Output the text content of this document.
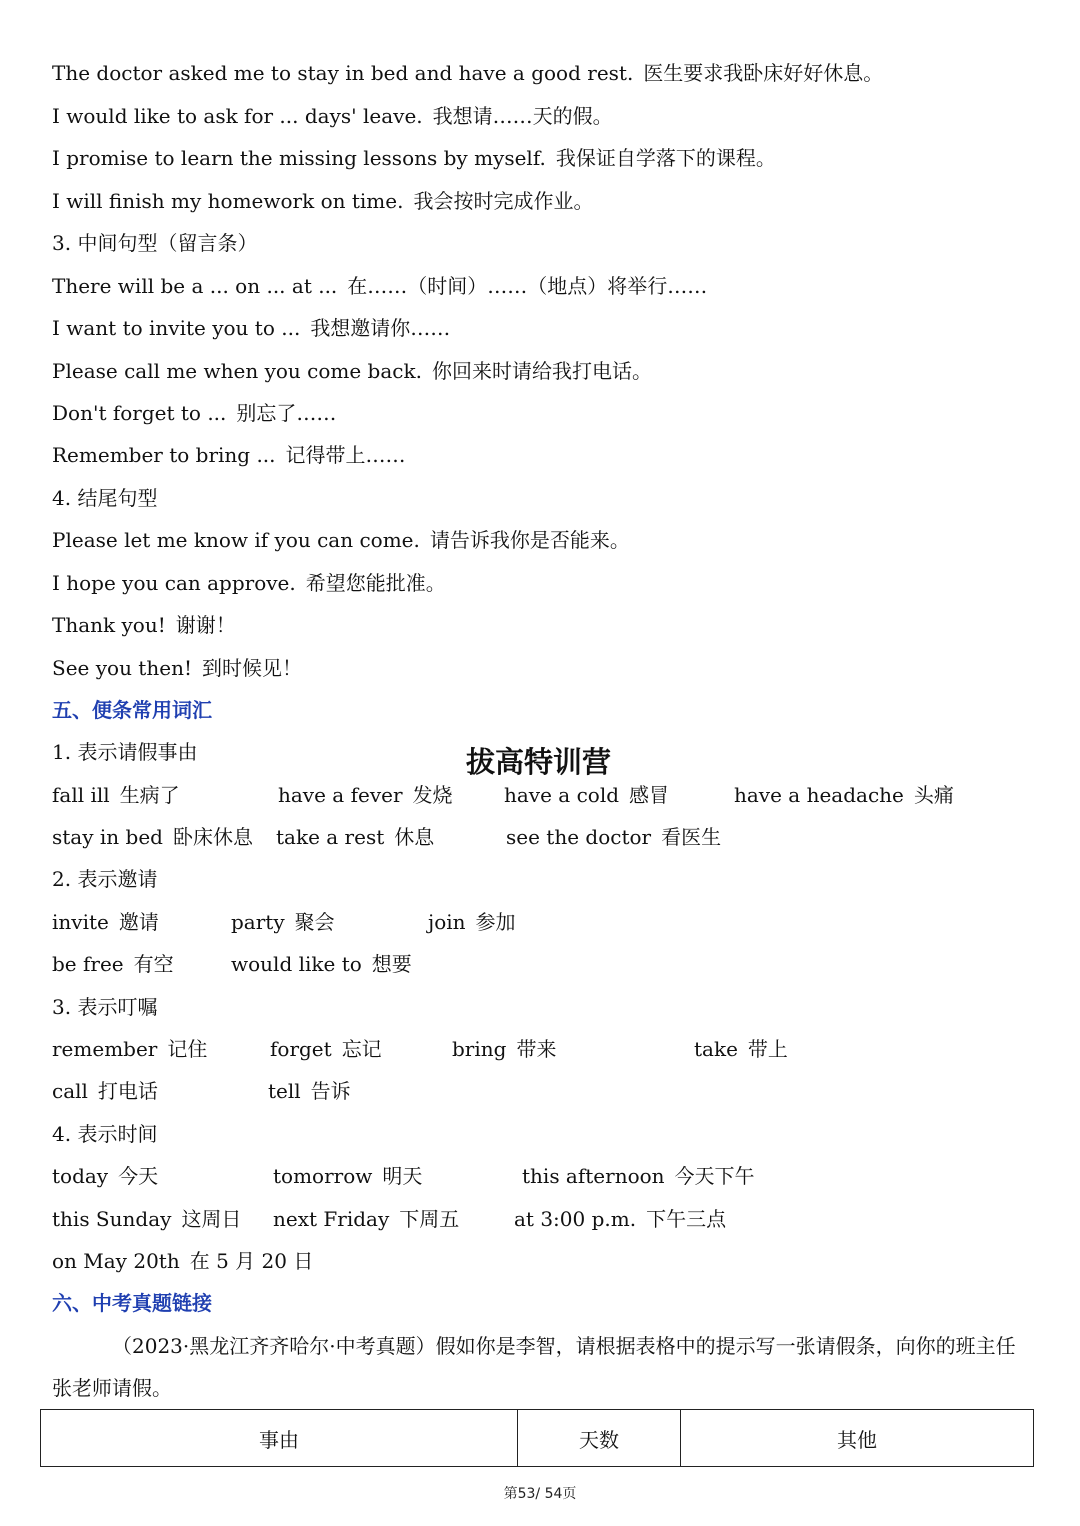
The doctor asked me to stay in bed and have a good rest. 医生要求我卧床好好休息。
I would like to ask for ... days' leave. 我想请……天的假。
I promise to learn the missing lessons by myself. 我保证自学落下的课程。
I will finish my homework on time. 我会按时完成作业。
3. 中间句型（留言条）
There will be a ... on ... at ... 在……（时间）……（地点）将举行……
I want to invite you to ... 我想邀请你……
Please call me when you come back. 你回来时请给我打电话。
Don't forget to ... 别忘了……
Remember to bring ... 记得带上……
4. 结尾句型
Please let me know if you can come. 请告诉我你是否能来。
I hope you can approve. 希望您能批准。
Thank you! 谢谢！
See you then! 到时候见！
五、便条常用词汇
1. 表示请假事由	拔高特训营
fall ill 生病了	have a fever 发烧	have a cold 感冒	have a headache 头痛
stay in bed 卧床休息 take a rest 休息	see the doctor 看医生
2. 表示邀请
invite 邀请	party 聚会	join 参加
be free 有空	would like to 想要
3. 表示叮嘱
remember 记住	forget 忘记	bring 带来	take 带上
call 打电话	tell 告诉
4. 表示时间
today 今天	tomorrow 明天	this afternoon 今天下午
this Sunday 这周日 next Friday 下周五	at 3:00 p.m. 下午三点
on May 20th 在 5 月 20 日
六、中考真题链接
（2023·黑龙江齐齐哈尔·中考真题）假如你是李智，请根据表格中的提示写一张请假条，向你的班主任张老师请假。
事由	天数	其他
第53/ 54页
